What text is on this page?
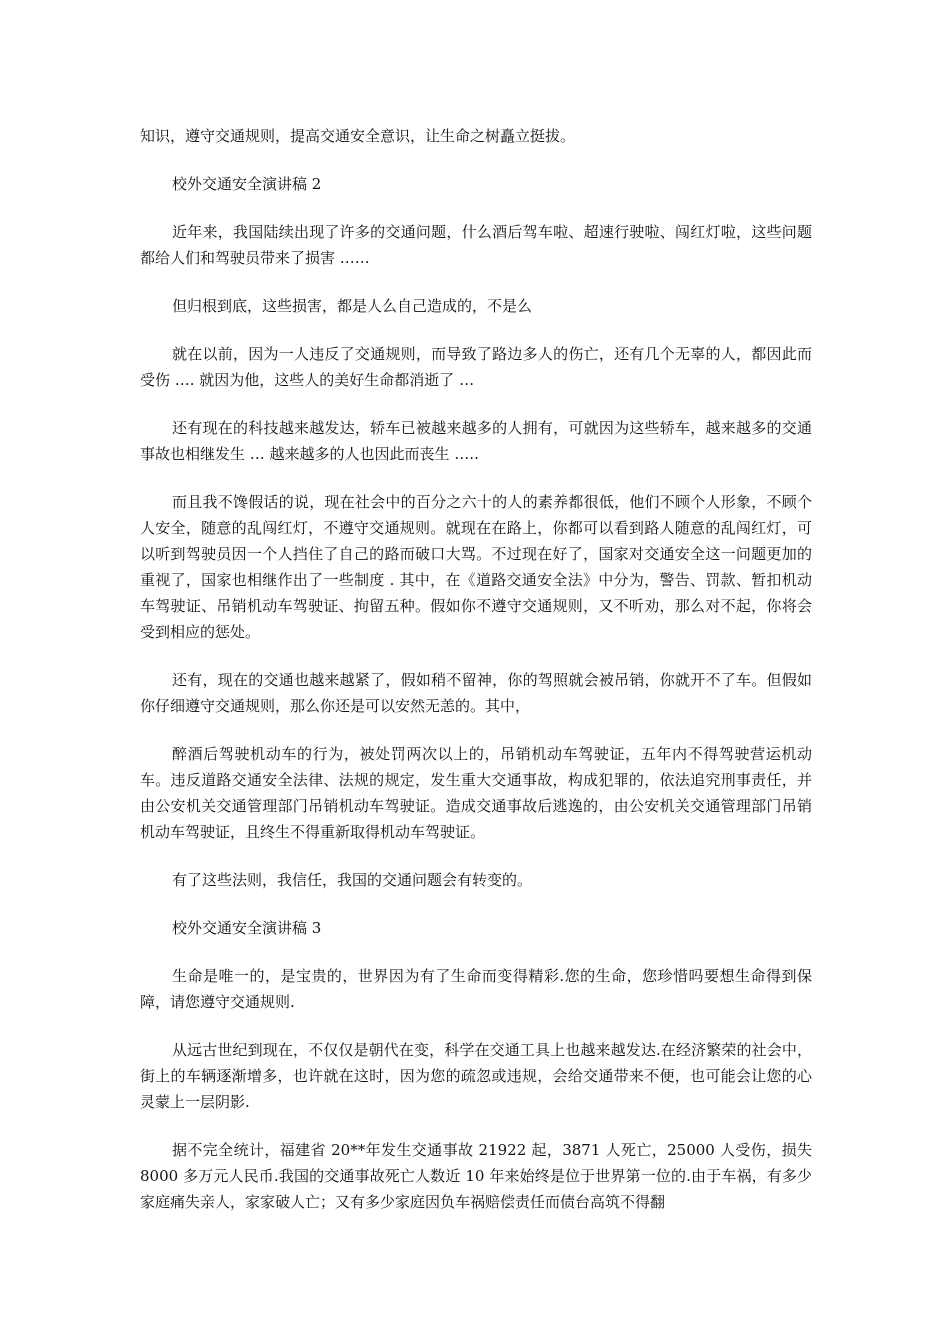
知识，遵守交通规则，提高交通安全意识，让生命之树矗立挺拔。

校外交通安全演讲稿 2

近年来，我国陆续出现了许多的交通问题，什么酒后驾车啦、超速行驶啦、闯红灯啦，这些问题都给人们和驾驶员带来了损害 ……

但归根到底，这些损害，都是人么自己造成的，不是么

就在以前，因为一人违反了交通规则，而导致了路边多人的伤亡，还有几个无辜的人，都因此而受伤 …. 就因为他，这些人的美好生命都消逝了 …

还有现在的科技越来越发达，轿车已被越来越多的人拥有，可就因为这些轿车，越来越多的交通事故也相继发生 … 越来越多的人也因此而丧生 …..

而且我不馋假话的说，现在社会中的百分之六十的人的素养都很低，他们不顾个人形象，不顾个人安全，随意的乱闯红灯，不遵守交通规则。就现在在路上，你都可以看到路人随意的乱闯红灯，可以听到驾驶员因一个人挡住了自己的路而破口大骂。不过现在好了，国家对交通安全这一问题更加的重视了，国家也相继作出了一些制度 . 其中，在《道路交通安全法》中分为，警告、罚款、暂扣机动车驾驶证、吊销机动车驾驶证、拘留五种。假如你不遵守交通规则，又不听劝，那么对不起，你将会受到相应的惩处。

还有，现在的交通也越来越紧了，假如稍不留神，你的驾照就会被吊销，你就开不了车。但假如你仔细遵守交通规则，那么你还是可以安然无恙的。其中，

醉酒后驾驶机动车的行为，被处罚两次以上的，吊销机动车驾驶证，五年内不得驾驶营运机动车。违反道路交通安全法律、法规的规定，发生重大交通事故，构成犯罪的，依法追究刑事责任，并由公安机关交通管理部门吊销机动车驾驶证。造成交通事故后逃逸的，由公安机关交通管理部门吊销机动车驾驶证，且终生不得重新取得机动车驾驶证。

有了这些法则，我信任，我国的交通问题会有转变的。

校外交通安全演讲稿 3

生命是唯一的，是宝贵的，世界因为有了生命而变得精彩.您的生命，您珍惜吗要想生命得到保障，请您遵守交通规则.

从远古世纪到现在，不仅仅是朝代在变，科学在交通工具上也越来越发达.在经济繁荣的社会中，街上的车辆逐渐增多，也许就在这时，因为您的疏忽或违规，会给交通带来不便，也可能会让您的心灵蒙上一层阴影.

据不完全统计，福建省 20**年发生交通事故 21922 起，3871 人死亡，25000 人受伤，损失 8000 多万元人民币.我国的交通事故死亡人数近 10 年来始终是位于世界第一位的.由于车祸，有多少家庭痛失亲人，家家破人亡；又有多少家庭因负车祸赔偿责任而债台高筑不得翻
